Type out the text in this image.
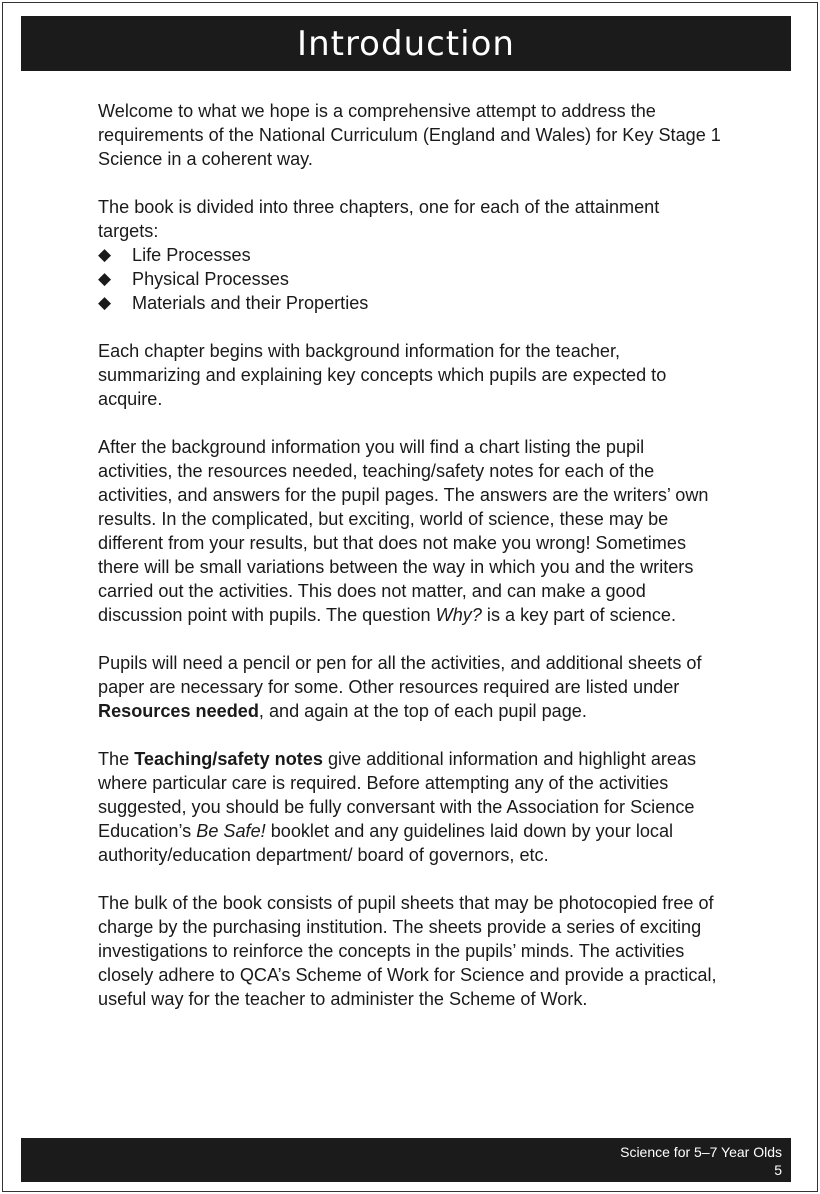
Introduction

Welcome to what we hope is a comprehensive attempt to address the requirements of the National Curriculum (England and Wales) for Key Stage 1 Science in a coherent way.

The book is divided into three chapters, one for each of the attainment targets:

◆ Life Processes
◆ Physical Processes
◆ Materials and their Properties

Each chapter begins with background information for the teacher, summarizing and explaining key concepts which pupils are expected to acquire.

After the background information you will find a chart listing the pupil activities, the resources needed, teaching/safety notes for each of the activities, and answers for the pupil pages. The answers are the writers’ own results. In the complicated, but exciting, world of science, these may be different from your results, but that does not make you wrong! Sometimes there will be small variations between the way in which you and the writers carried out the activities. This does not matter, and can make a good discussion point with pupils. The question Why? is a key part of science.

Pupils will need a pencil or pen for all the activities, and additional sheets of paper are necessary for some. Other resources required are listed under Resources needed, and again at the top of each pupil page.

The Teaching/safety notes give additional information and highlight areas where particular care is required. Before attempting any of the activities suggested, you should be fully conversant with the Association for Science Education’s Be Safe! booklet and any guidelines laid down by your local authority/education department/ board of governors, etc.

The bulk of the book consists of pupil sheets that may be photocopied free of charge by the purchasing institution. The sheets provide a series of exciting investigations to reinforce the concepts in the pupils’ minds. The activities closely adhere to QCA’s Scheme of Work for Science and provide a practical, useful way for the teacher to administer the Scheme of Work.

Science for 5–7 Year Olds
5
